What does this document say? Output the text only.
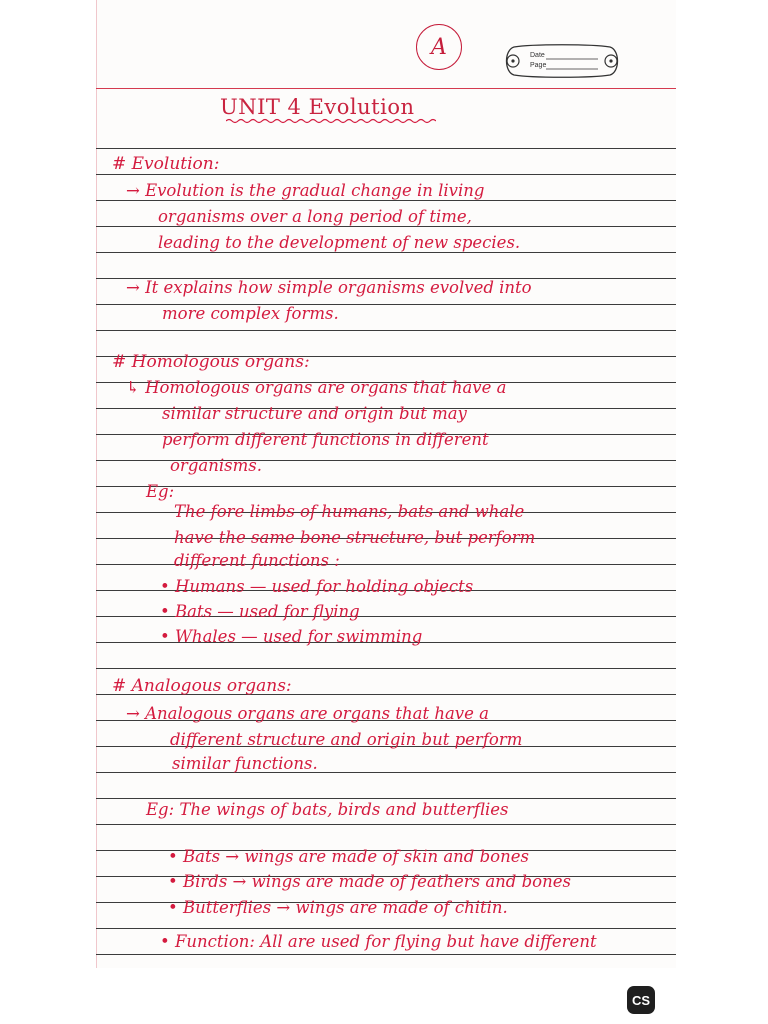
A	Date
Page
UNIT 4 Evolution
# Evolution:
→ Evolution is the gradual change in living
organisms over a long period of time,
leading to the development of new species.
→ It explains how simple organisms evolved into
more complex forms.
# Homologous organs:
↳ Homologous organs are organs that have a
similar structure and origin but may
perform different functions in different
organisms.
Eg:
The fore limbs of humans, bats and whale
have the same bone structure, but perform
different functions :
• Humans — used for holding objects
• Bats — used for flying
• Whales — used for swimming
# Analogous organs:
→ Analogous organs are organs that have a
different structure and origin but perform
similar functions.
Eg: The wings of bats, birds and butterflies
• Bats → wings are made of skin and bones
• Birds → wings are made of feathers and bones
• Butterflies → wings are made of chitin.
• Function: All are used for flying but have different
CS
